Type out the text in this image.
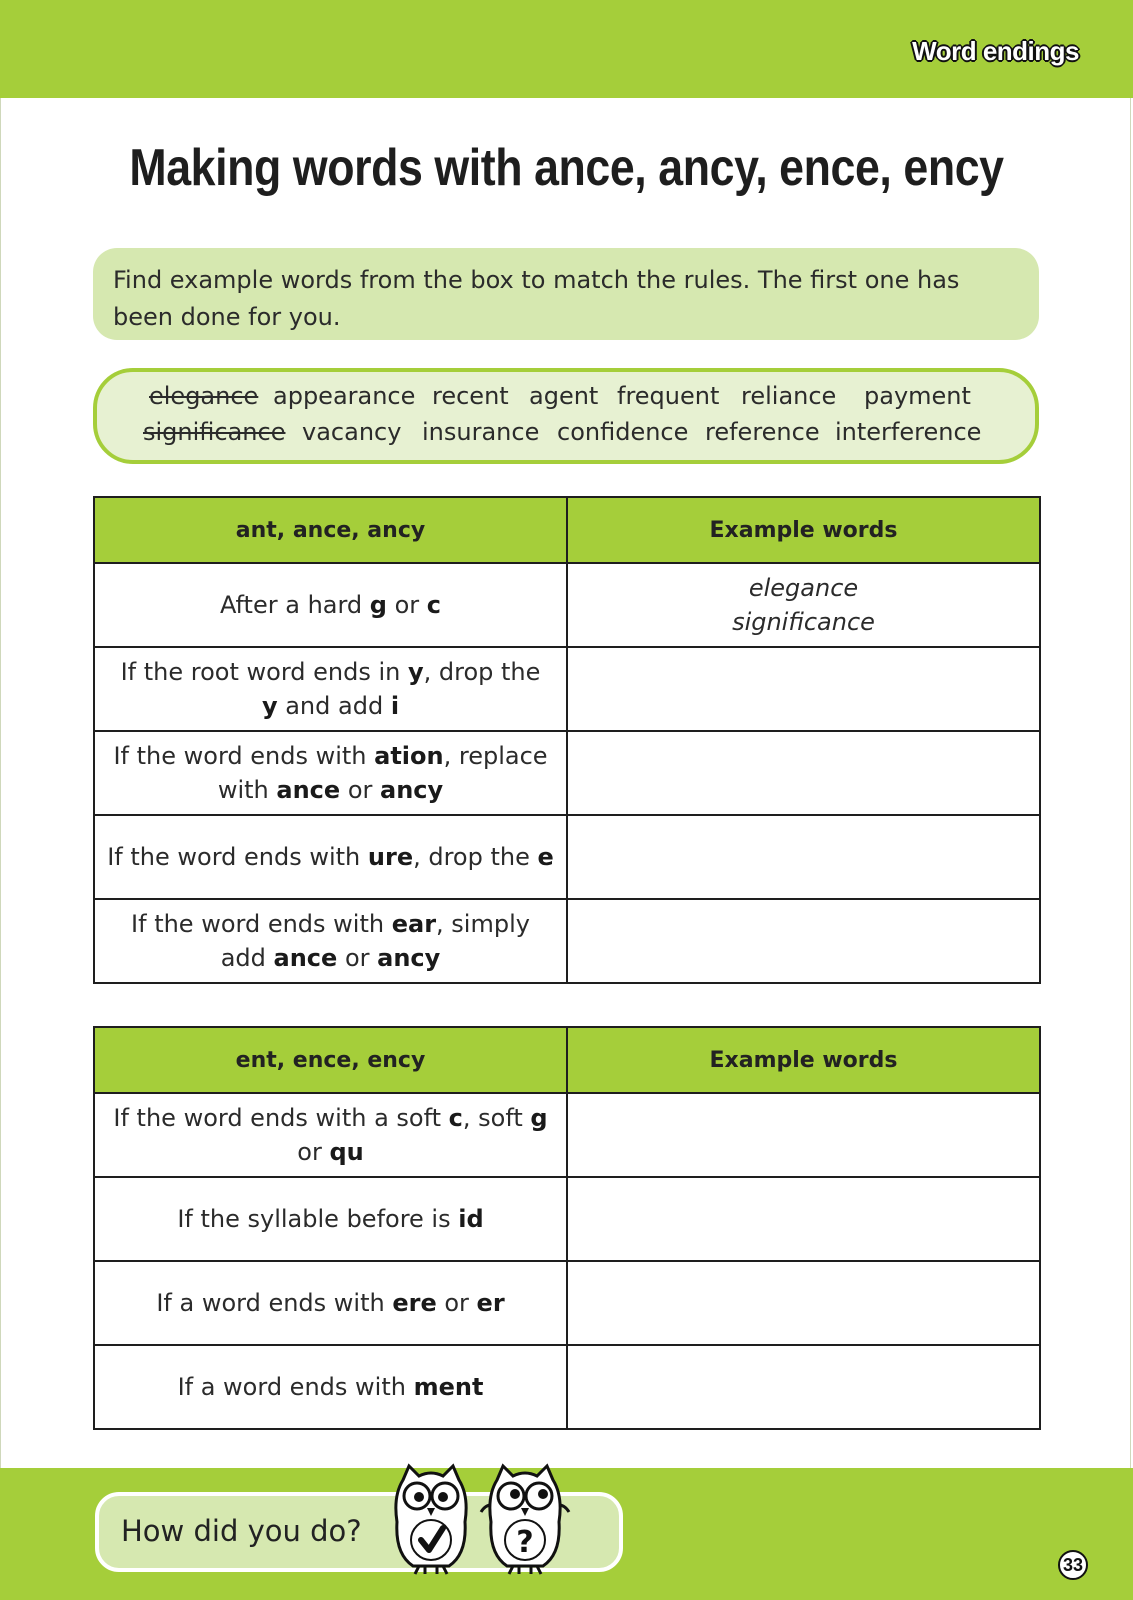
Word endings
Making words with ance, ancy, ence, ency
Find example words from the box to match the rules. The first one has been done for you.
elegance appearance recent agent frequent reliance payment
significance vacancy insurance confidence reference interference
ant, ance, ancy	Example words
After a hard g or c	elegance
significance
If the root word ends in y, drop the
y and add i	
If the word ends with ation, replace with ance or ancy	
If the word ends with ure, drop the e	
If the word ends with ear, simply add ance or ancy	
ent, ence, ency	Example words
If the word ends with a soft c, soft g or qu	
If the syllable before is id	
If a word ends with ere or er	
If a word ends with ment	
How did you do?	?
33
